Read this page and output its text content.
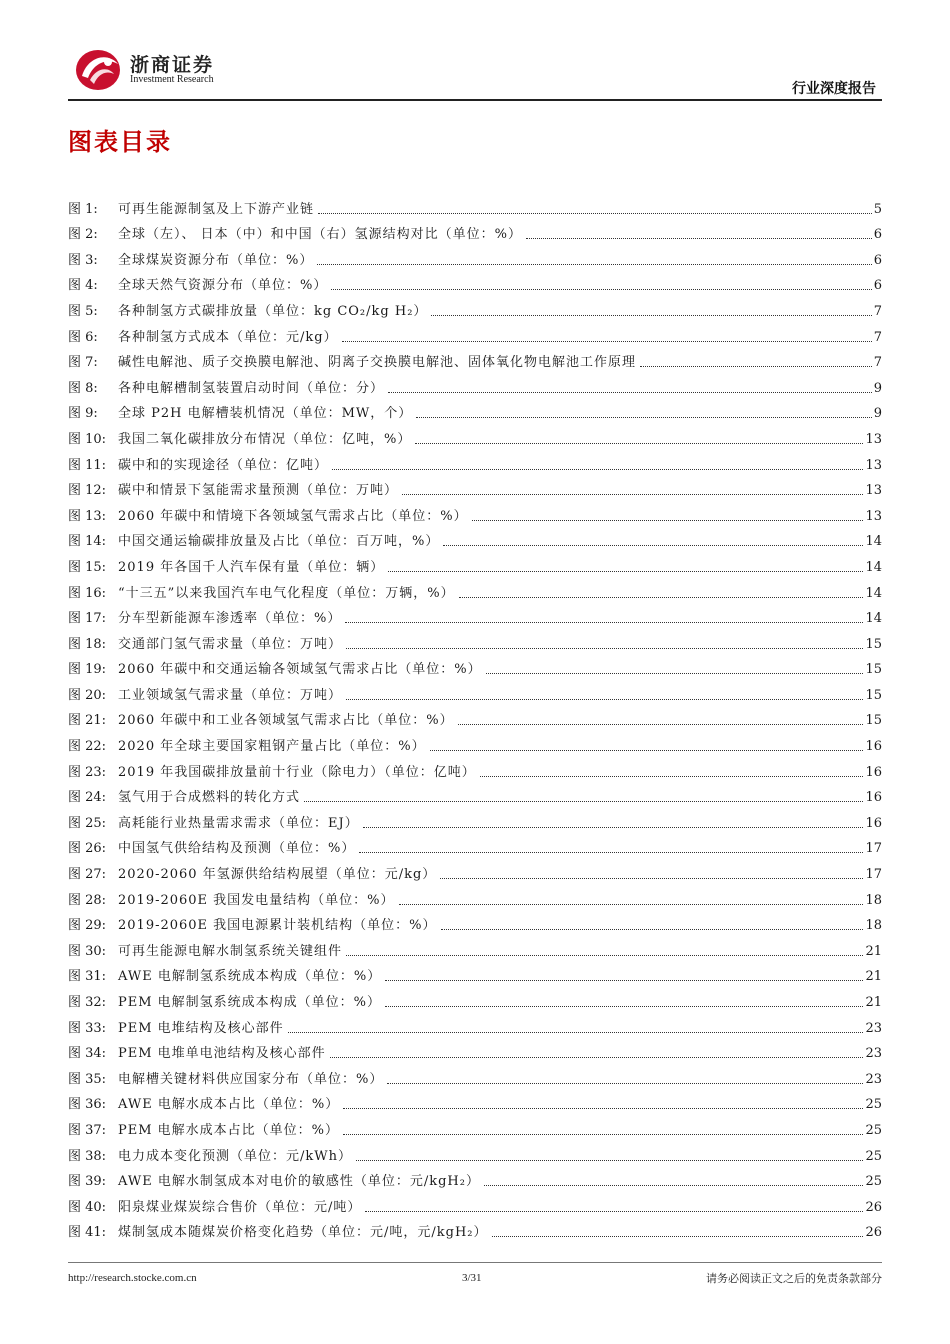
浙商证券
Investment Research
行业深度报告
图表目录
图 1:	可再生能源制氢及上下游产业链	5
图 2:	全球（左）、 日本（中）和中国（右）氢源结构对比（单位：%）	6
图 3:	全球煤炭资源分布（单位：%）	6
图 4:	全球天然气资源分布（单位：%）	6
图 5:	各种制氢方式碳排放量（单位：kg CO₂/kg H₂）	7
图 6:	各种制氢方式成本（单位：元/kg）	7
图 7:	碱性电解池、质子交换膜电解池、阴离子交换膜电解池、固体氧化物电解池工作原理	7
图 8:	各种电解槽制氢装置启动时间（单位：分）	9
图 9:	全球 P2H 电解槽装机情况（单位：MW，个）	9
图 10: 我国二氧化碳排放分布情况（单位：亿吨，%）	13
图 11: 碳中和的实现途径（单位：亿吨）	13
图 12: 碳中和情景下氢能需求量预测（单位：万吨）	13
图 13: 2060 年碳中和情境下各领域氢气需求占比（单位：%）	13
图 14: 中国交通运输碳排放量及占比（单位：百万吨，%）	14
图 15: 2019 年各国千人汽车保有量（单位：辆）	14
图 16: “十三五”以来我国汽车电气化程度（单位：万辆，%）	14
图 17: 分车型新能源车渗透率（单位：%）	14
图 18: 交通部门氢气需求量（单位：万吨）	15
图 19: 2060 年碳中和交通运输各领域氢气需求占比（单位：%）	15
图 20: 工业领域氢气需求量（单位：万吨）	15
图 21: 2060 年碳中和工业各领域氢气需求占比（单位：%）	15
图 22: 2020 年全球主要国家粗钢产量占比（单位：%）	16
图 23: 2019 年我国碳排放量前十行业（除电力）（单位：亿吨）	16
图 24: 氢气用于合成燃料的转化方式	16
图 25: 高耗能行业热量需求需求（单位：EJ）	16
图 26: 中国氢气供给结构及预测（单位：%）	17
图 27: 2020-2060 年氢源供给结构展望（单位：元/kg）	17
图 28: 2019-2060E 我国发电量结构（单位：%）	18
图 29: 2019-2060E 我国电源累计装机结构（单位：%）	18
图 30: 可再生能源电解水制氢系统关键组件	21
图 31: AWE 电解制氢系统成本构成（单位：%）	21
图 32: PEM 电解制氢系统成本构成（单位：%）	21
图 33: PEM 电堆结构及核心部件	23
图 34: PEM 电堆单电池结构及核心部件	23
图 35: 电解槽关键材料供应国家分布（单位：%）	23
图 36: AWE 电解水成本占比（单位：%）	25
图 37: PEM 电解水成本占比（单位：%）	25
图 38: 电力成本变化预测（单位：元/kWh）	25
图 39: AWE 电解水制氢成本对电价的敏感性（单位：元/kgH₂）	25
图 40: 阳泉煤业煤炭综合售价（单位：元/吨）	26
图 41: 煤制氢成本随煤炭价格变化趋势（单位：元/吨，元/kgH₂）	26
http://research.stocke.com.cn	3/31	请务必阅读正文之后的免责条款部分
